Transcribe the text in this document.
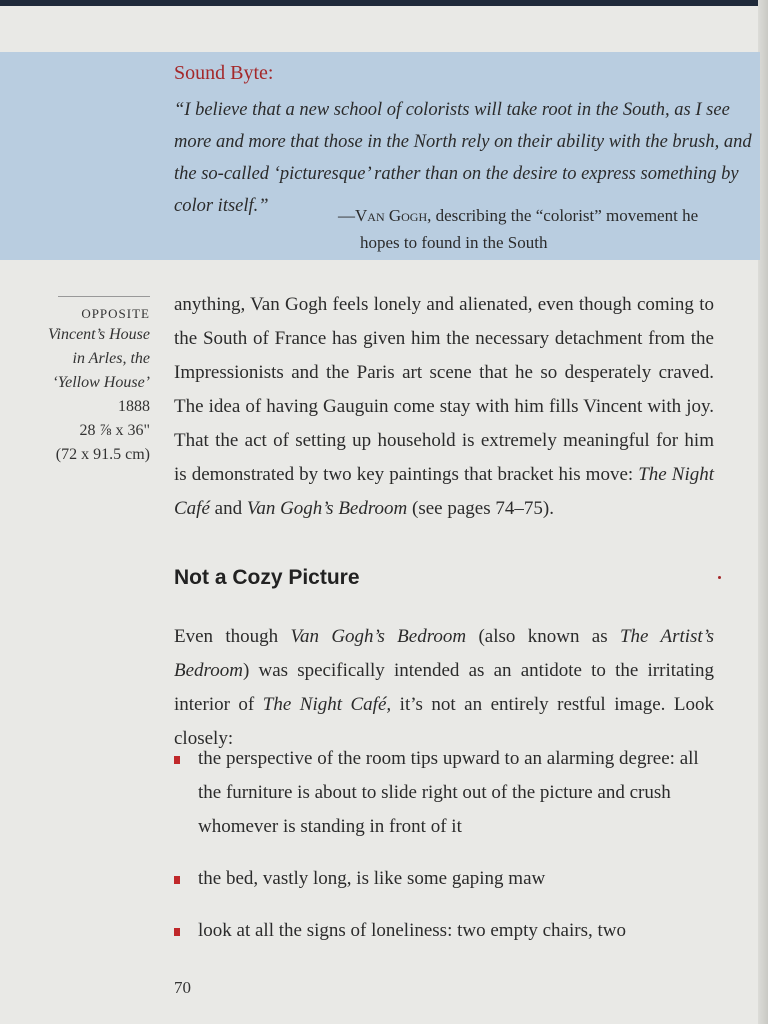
Sound Byte:
“I believe that a new school of colorists will take root in the South, as I see more and more that those in the North rely on their ability with the brush, and the so-called ‘picturesque’ rather than on the desire to express something by color itself.”	—Van Gogh, describing the “colorist” movement he
hopes to found in the South
OPPOSITE
Vincent’s House in Arles, the ‘Yellow House’
1888
28 ⅞ x 36"
(72 x 91.5 cm)

anything, Van Gogh feels lonely and alienated, even though coming to the South of France has given him the necessary detachment from the Impressionists and the Paris art scene that he so desperately craved. The idea of having Gauguin come stay with him fills Vincent with joy. That the act of setting up household is extremely meaningful for him is demonstrated by two key paintings that bracket his move: The Night Café and Van Gogh’s Bedroom (see pages 74–75).

Not a Cozy Picture

Even though Van Gogh’s Bedroom (also known as The Artist’s Bedroom) was specifically intended as an antidote to the irritating interior of The Night Café, it’s not an entirely restful image. Look closely:

the perspective of the room tips upward to an alarming degree: all the furniture is about to slide right out of the picture and crush whomever is standing in front of it
the bed, vastly long, is like some gaping maw
look at all the signs of loneliness: two empty chairs, two
70
